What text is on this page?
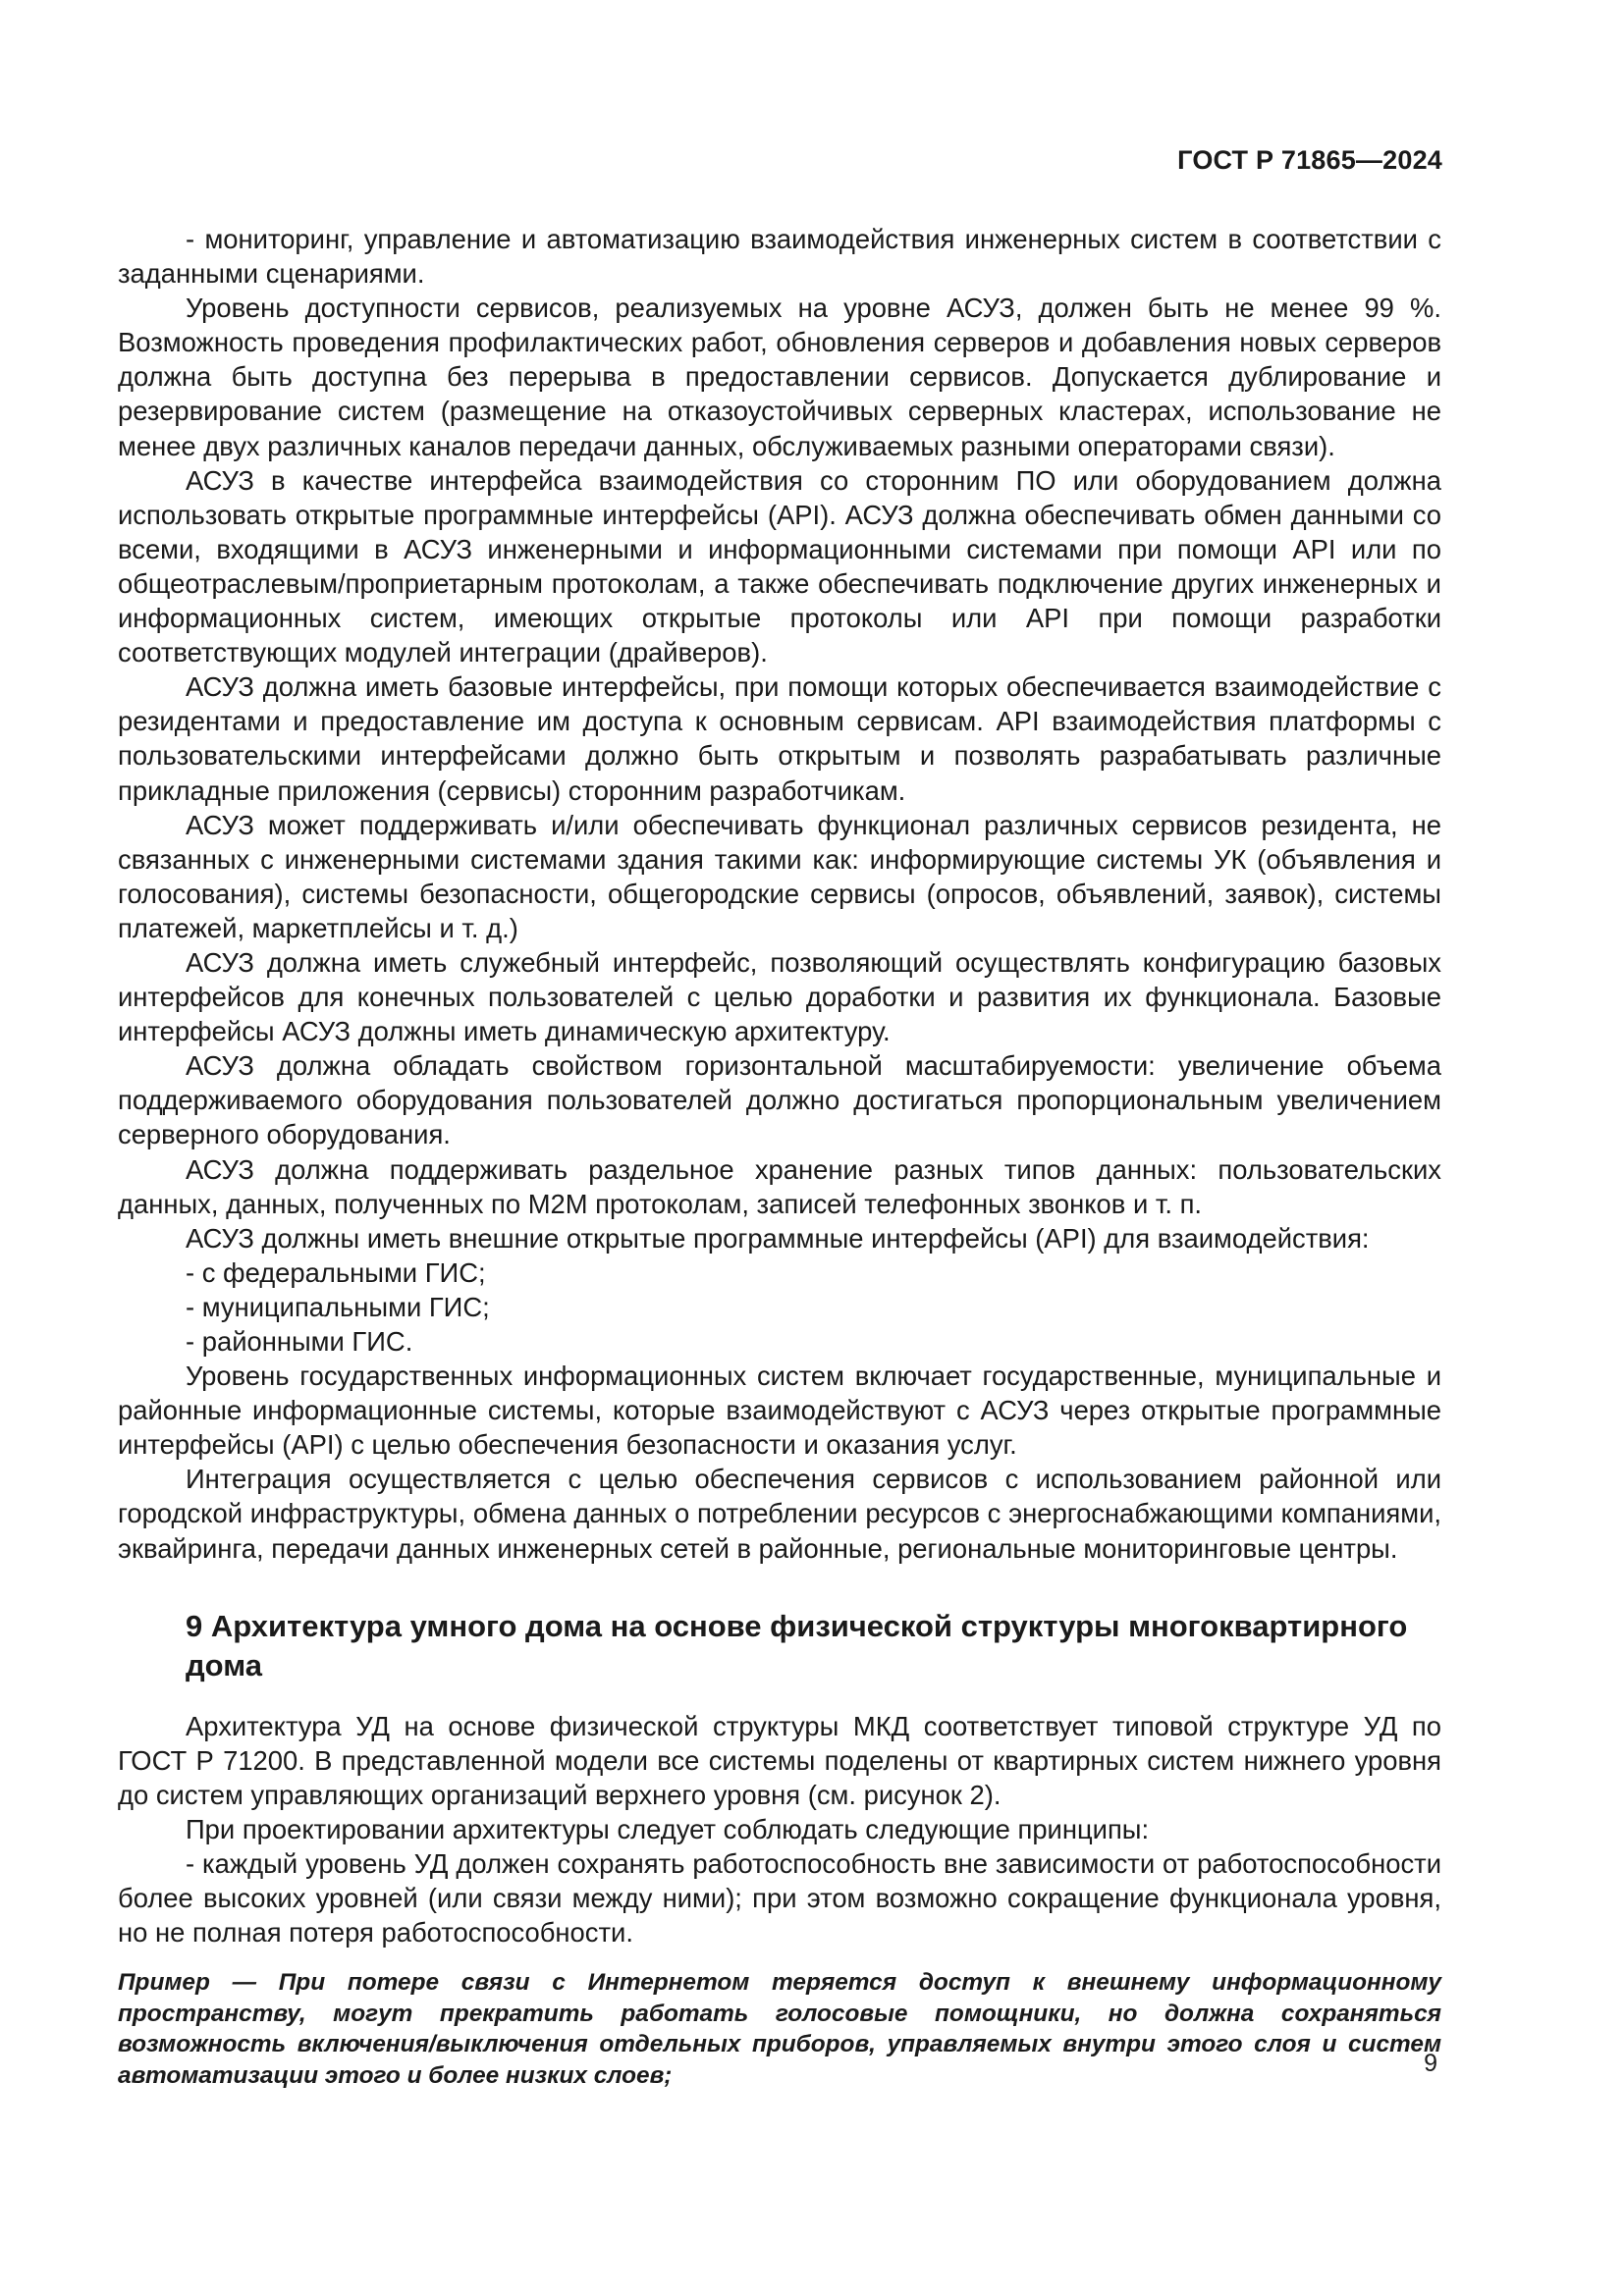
ГОСТ Р 71865—2024

- мониторинг, управление и автоматизацию взаимодействия инженерных систем в соответствии с заданными сценариями.

Уровень доступности сервисов, реализуемых на уровне АСУЗ, должен быть не менее 99 %. Возможность проведения профилактических работ, обновления серверов и добавления новых серверов должна быть доступна без перерыва в предоставлении сервисов. Допускается дублирование и резервирование систем (размещение на отказоустойчивых серверных кластерах, использование не менее двух различных каналов передачи данных, обслуживаемых разными операторами связи).

АСУЗ в качестве интерфейса взаимодействия со сторонним ПО или оборудованием должна использовать открытые программные интерфейсы (API). АСУЗ должна обеспечивать обмен данными со всеми, входящими в АСУЗ инженерными и информационными системами при помощи API или по общеотраслевым/проприетарным протоколам, а также обеспечивать подключение других инженерных и информационных систем, имеющих открытые протоколы или API при помощи разработки соответствующих модулей интеграции (драйверов).

АСУЗ должна иметь базовые интерфейсы, при помощи которых обеспечивается взаимодействие с резидентами и предоставление им доступа к основным сервисам. API взаимодействия платформы с пользовательскими интерфейсами должно быть открытым и позволять разрабатывать различные прикладные приложения (сервисы) сторонним разработчикам.

АСУЗ может поддерживать и/или обеспечивать функционал различных сервисов резидента, не связанных с инженерными системами здания такими как: информирующие системы УК (объявления и голосования), системы безопасности, общегородские сервисы (опросов, объявлений, заявок), системы платежей, маркетплейсы и т. д.)

АСУЗ должна иметь служебный интерфейс, позволяющий осуществлять конфигурацию базовых интерфейсов для конечных пользователей с целью доработки и развития их функционала. Базовые интерфейсы АСУЗ должны иметь динамическую архитектуру.

АСУЗ должна обладать свойством горизонтальной масштабируемости: увеличение объема поддерживаемого оборудования пользователей должно достигаться пропорциональным увеличением серверного оборудования.

АСУЗ должна поддерживать раздельное хранение разных типов данных: пользовательских данных, данных, полученных по М2М протоколам, записей телефонных звонков и т. п.

АСУЗ должны иметь внешние открытые программные интерфейсы (API) для взаимодействия:

- с федеральными ГИС;

- муниципальными ГИС;

- районными ГИС.

Уровень государственных информационных систем включает государственные, муниципальные и районные информационные системы, которые взаимодействуют с АСУЗ через открытые программные интерфейсы (API) с целью обеспечения безопасности и оказания услуг.

Интеграция осуществляется с целью обеспечения сервисов с использованием районной или городской инфраструктуры, обмена данных о потреблении ресурсов с энергоснабжающими компаниями, эквайринга, передачи данных инженерных сетей в районные, региональные мониторинговые центры.

9 Архитектура умного дома на основе физической структуры многоквартирного дома

Архитектура УД на основе физической структуры МКД соответствует типовой структуре УД по ГОСТ Р 71200. В представленной модели все системы поделены от квартирных систем нижнего уровня до систем управляющих организаций верхнего уровня (см. рисунок 2).

При проектировании архитектуры следует соблюдать следующие принципы:

- каждый уровень УД должен сохранять работоспособность вне зависимости от работоспособности более высоких уровней (или связи между ними); при этом возможно сокращение функционала уровня, но не полная потеря работоспособности.

Пример — При потере связи с Интернетом теряется доступ к внешнему информационному пространству, могут прекратить работать голосовые помощники, но должна сохраняться возможность включения/выключения отдельных приборов, управляемых внутри этого слоя и систем автоматизации этого и более низких слоев;	9
